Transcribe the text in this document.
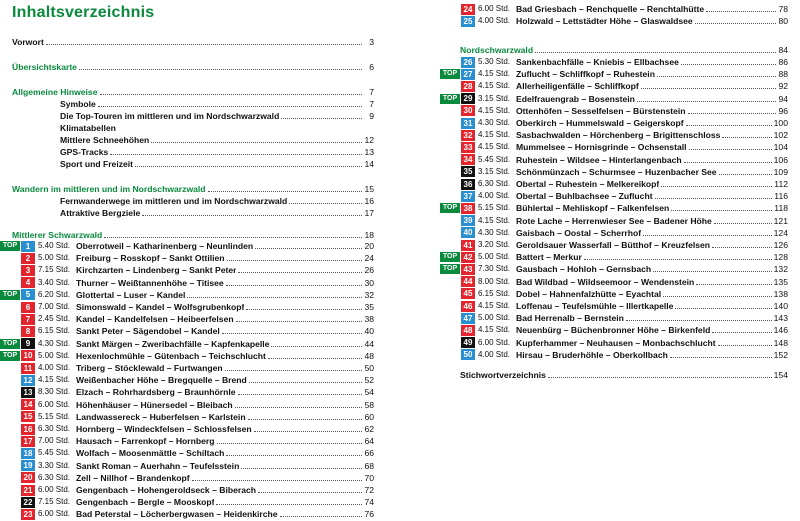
Inhaltsverzeichnis
Vorwort	3
Übersichtskarte	6
Allgemeine Hinweise	7
Symbole	7
Die Top-Touren im mittleren und im Nordschwarzwald	9
Klimatabellen
Mittlere Schneehöhen	12
GPS-Tracks	13
Sport und Freizeit	14
Wandern im mittleren und im Nordschwarzwald	15
Fernwanderwege im mittleren und im Nordschwarzwald	16
Attraktive Bergziele	17
Mittlerer Schwarzwald	18
TOP	1 5.40 Std. Oberrotweil – Katharinenberg – Neunlinden	20
2 5.00 Std. Freiburg – Rosskopf – Sankt Ottilien	24
3 7.15 Std. Kirchzarten – Lindenberg – Sankt Peter	26
4 3.40 Std. Thurner – Weißtannenhöhe – Titisee	30
TOP	5 6.20 Std. Glottertal – Luser – Kandel	32
6 7.00 Std. Simonswald – Kandel – Wolfsgrubenkopf	35
7 2.45 Std. Kandel – Kandelfelsen – Heibeerfelsen	38
8 6.15 Std. Sankt Peter – Sägendobel – Kandel	40
TOP	9 4.30 Std. Sankt Märgen – Zweribachfälle – Kapfenkapelle	44
TOP 10 5.00 Std. Hexenlochmühle – Gütenbach – Teichschlucht	48
11 4.00 Std. Triberg – Stöcklewald – Furtwangen	50
12 4.15 Std. Weißenbacher Höhe – Bregquelle – Brend	52
13 8.30 Std. Elzach – Rohrhardsberg – Braunhörnle	54
14 6.00 Std. Höhenhäuser – Hünersedel – Bleibach	58
15 5.15 Std. Landwassereck – Huberfelsen – Karlstein	60
16 6.30 Std. Hornberg – Windeckfelsen – Schlossfelsen	62
17 7.00 Std. Hausach – Farrenkopf – Hornberg	64
18 5.45 Std. Wolfach – Moosenmättle – Schiltach	66
19 3.30 Std. Sankt Roman – Auerhahn – Teufelsstein	68
20 6.30 Std. Zell – Nillhof – Brandenkopf	70
21 6.00 Std. Gengenbach – Hohengeroldseck – Biberach	72
22 7.15 Std. Gengenbach – Bergle – Mooskopf	74
23 6.00 Std. Bad Peterstal – Löcherbergwasen – Heidenkirche	76
24 6.00 Std. Bad Griesbach – Renchquelle – Renchtalhütte	78
25 4.00 Std. Holzwald – Lettstädter Höhe – Glaswaldsee	80
Nordschwarzwald	84
26 5.30 Std. Sankenbachfälle – Kniebis – Ellbachsee	86
TOP 27 4.15 Std. Zuflucht – Schliffkopf – Ruhestein	88
28 4.15 Std. Allerheiligenfälle – Schliffkopf	92
TOP 29 3.15 Std. Edelfrauengrab – Bosenstein	94
30 4.15 Std. Ottenhöfen – Sesselfelsen – Bürstenstein	96
31 4.30 Std. Oberkirch – Hummelswald – Geigerskopf	100
32 4.15 Std. Sasbachwalden – Hörchenberg – Brigittenschloss	102
33 4.15 Std. Mummelsee – Hornisgrinde – Ochsenstall	104
34 5.45 Std. Ruhestein – Wildsee – Hinterlangenbach	106
35 3.15 Std. Schönmünzach – Schurmsee – Huzenbacher See	109
36 6.30 Std. Obertal – Ruhestein – Melkereikopf	112
37 4.00 Std. Obertal – Buhlbachsee – Zuflucht	116
TOP 38 5.15 Std. Bühlertal – Mehliskopf – Falkenfelsen	118
39 4.15 Std. Rote Lache – Herrenwieser See – Badener Höhe	121
40 4.30 Std. Gaisbach – Oostal – Scherrhof	124
41 3.20 Std. Geroldsauer Wasserfall – Bütthof – Kreuzfelsen	126
TOP 42 5.00 Std. Battert – Merkur	128
TOP 43 7.30 Std. Gausbach – Hohloh – Gernsbach	132
44 8.00 Std. Bad Wildbad – Wildseemoor – Wendenstein	135
45 6.15 Std. Dobel – Hahnenfalzhütte – Eyachtal	138
46 4.15 Std. Loffenau – Teufelsmühle – Illertkapelle	140
47 5.00 Std. Bad Herrenalb – Bernstein	143
48 4.15 Std. Neuenbürg – Büchenbronner Höhe – Birkenfeld	146
49 6.00 Std. Kupferhammer – Neuhausen – Monbachschlucht	148
50 4.00 Std. Hirsau – Bruderhöhle – Oberkollbach	152
Stichwortverzeichnis	154
